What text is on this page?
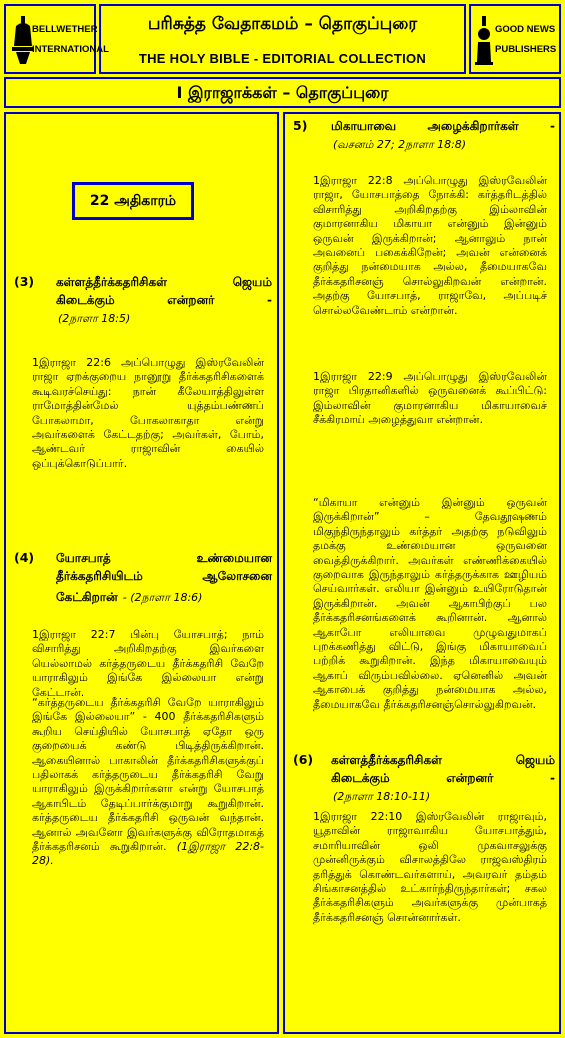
BELLWETHER
INTERNATIONAL
பரிசுத்த வேதாகமம் – தொகுப்புரை
THE HOLY BIBLE - EDITORIAL COLLECTION
GOOD NEWS
PUBLISHERS
I இராஜாக்கள் – தொகுப்புரை
22 அதிகாரம்
(3) கள்ளத்தீர்க்கதரிசிகள் ஜெயம்
கிடைக்கும் என்றனர் -
(2நாளா 18:5)
1இராஜா 22:6 அப்பொழுது இஸ்ரவேலின் ராஜா ஏறக்குறைய நானூறு தீர்க்கதரிசிகளைக் கூடிவரச்செய்து: நான் கீலேயாத்திலுள்ள ராமோத்தின்மேல் யுத்தம்பண்ணப் போகலாமா, போகலாகாதா என்று அவர்களைக் கேட்டதற்கு; அவர்கள், போம், ஆண்டவர் ராஜாவின் கையில் ஒப்புக்கொடுப்பார்.
(4) யோசபாத் உண்மையான
தீர்க்கதரிசியிடம் ஆலோசனை
கேட்கிறான் - (2நாளா 18:6)
1இராஜா 22:7 பின்பு யோசபாத்; நாம் விசாரித்து அறிகிறதற்கு இவர்களை யெல்லாமல் கர்த்தருடைய தீர்க்கதரிசி வேறே யாராகிலும் இங்கே இல்லையா என்று கேட்டான்.
“கர்த்தருடைய தீர்க்கதரிசி வேறே யாராகிலும் இங்கே இல்லையா” - 400 தீர்க்கதரிசிகளும் கூறிய செய்தியில் யோசபாத் ஏதோ ஒரு குறையைக் கண்டு பிடித்திருக்கிறான். ஆகையினால் பாகாலின் தீர்க்கதரிசிகளுக்குப் பதிலாகக் கர்த்தருடைய தீர்க்கதரிசி வேறு யாராகிலும் இருக்கிறார்களா என்று யோசபாத் ஆகாபிடம் தேடிப்பார்க்குமாறு கூறுகிறான். கர்த்தருடைய தீர்க்கதரிசி ஒருவன் வந்தான். ஆனால் அவனோ இவர்களுக்கு விரோதமாகத் தீர்க்கதரிசனம் கூறுகிறான். (1இராஜா 22:8-28).
5) மிகாயாவை அழைக்கிறார்கள் -
(வசனம் 27; 2நாளா 18:8)
1இராஜா 22:8 அப்பொழுது இஸ்ரவேலின் ராஜா, யோசபாத்தை நோக்கி: கர்த்தரிடத்தில் விசாரித்து அறிகிறதற்கு இம்லாவின் குமாரனாகிய மிகாயா என்னும் இன்னும் ஒருவன் இருக்கிறான்; ஆனாலும் நான் அவனைப் பகைக்கிறேன்; அவன் என்னைக் குறித்து நன்மையாக அல்ல, தீமையாகவே தீர்க்கதரிசனஞ் சொல்லுகிறவன் என்றான். அதற்கு யோசபாத், ராஜாவே, அப்படிச் சொல்லவேண்டாம் என்றான்.
1இராஜா 22:9 அப்பொழுது இஸ்ரவேலின் ராஜா பிரதானிகளில் ஒருவனைக் கூப்பிட்டு: இம்லாவின் குமாரனாகிய மிகாயாவைச் சீக்கிரமாய் அழைத்துவா என்றான்.
“மிகாயா என்னும் இன்னும் ஒருவன் இருக்கிறான்” – தேவதூஷணம் மிகுந்திருந்தாலும் கர்த்தர் அதற்கு நடுவிலும் தமக்கு உண்மையான ஒருவனை வைத்திருக்கிறார். அவர்கள் எண்ணிக்கையில் குறைவாக இருந்தாலும் கர்த்தருக்காக ஊழியம் செய்வார்கள். எலியா இன்னும் உயிரோடுதான் இருக்கிறான். அவன் ஆகாபிற்குப் பல தீர்க்கதரிசனங்களைக் கூறினான். ஆனால் ஆகாபோ எலியாவை முழுவதுமாகப் புறக்கணித்து விட்டு, இங்கு மிகாயாவைப் பற்றிக் கூறுகிறான். இந்த மிகாயாவையும் ஆகாப் விரும்பவில்லை. ஏனெனில் அவன் ஆகாபைக் குறித்து நன்மையாக அல்ல, தீமையாகவே தீர்க்கதரிசனஞ்சொல்லுகிறவன்.
(6) கள்ளத்தீர்க்கதரிசிகள் ஜெயம்
கிடைக்கும் என்றனர் -
(2நாளா 18:10-11)
1இராஜா 22:10 இஸ்ரவேலின் ராஜாவும், யூதாவின் ராஜாவாகிய யோசபாத்தும், சமாரியாவின் ஒலி முகவாசலுக்கு முன்னிருக்கும் விசாலத்திலே ராஜவஸ்திரம் தரித்துக் கொண்டவர்களாய், அவரவர் தம்தம் சிங்காசனத்தில் உட்கார்ந்திருந்தார்கள்; சகல தீர்க்கதரிசிகளும் அவர்களுக்கு முன்பாகத் தீர்க்கதரிசனஞ் சொன்னார்கள்.
